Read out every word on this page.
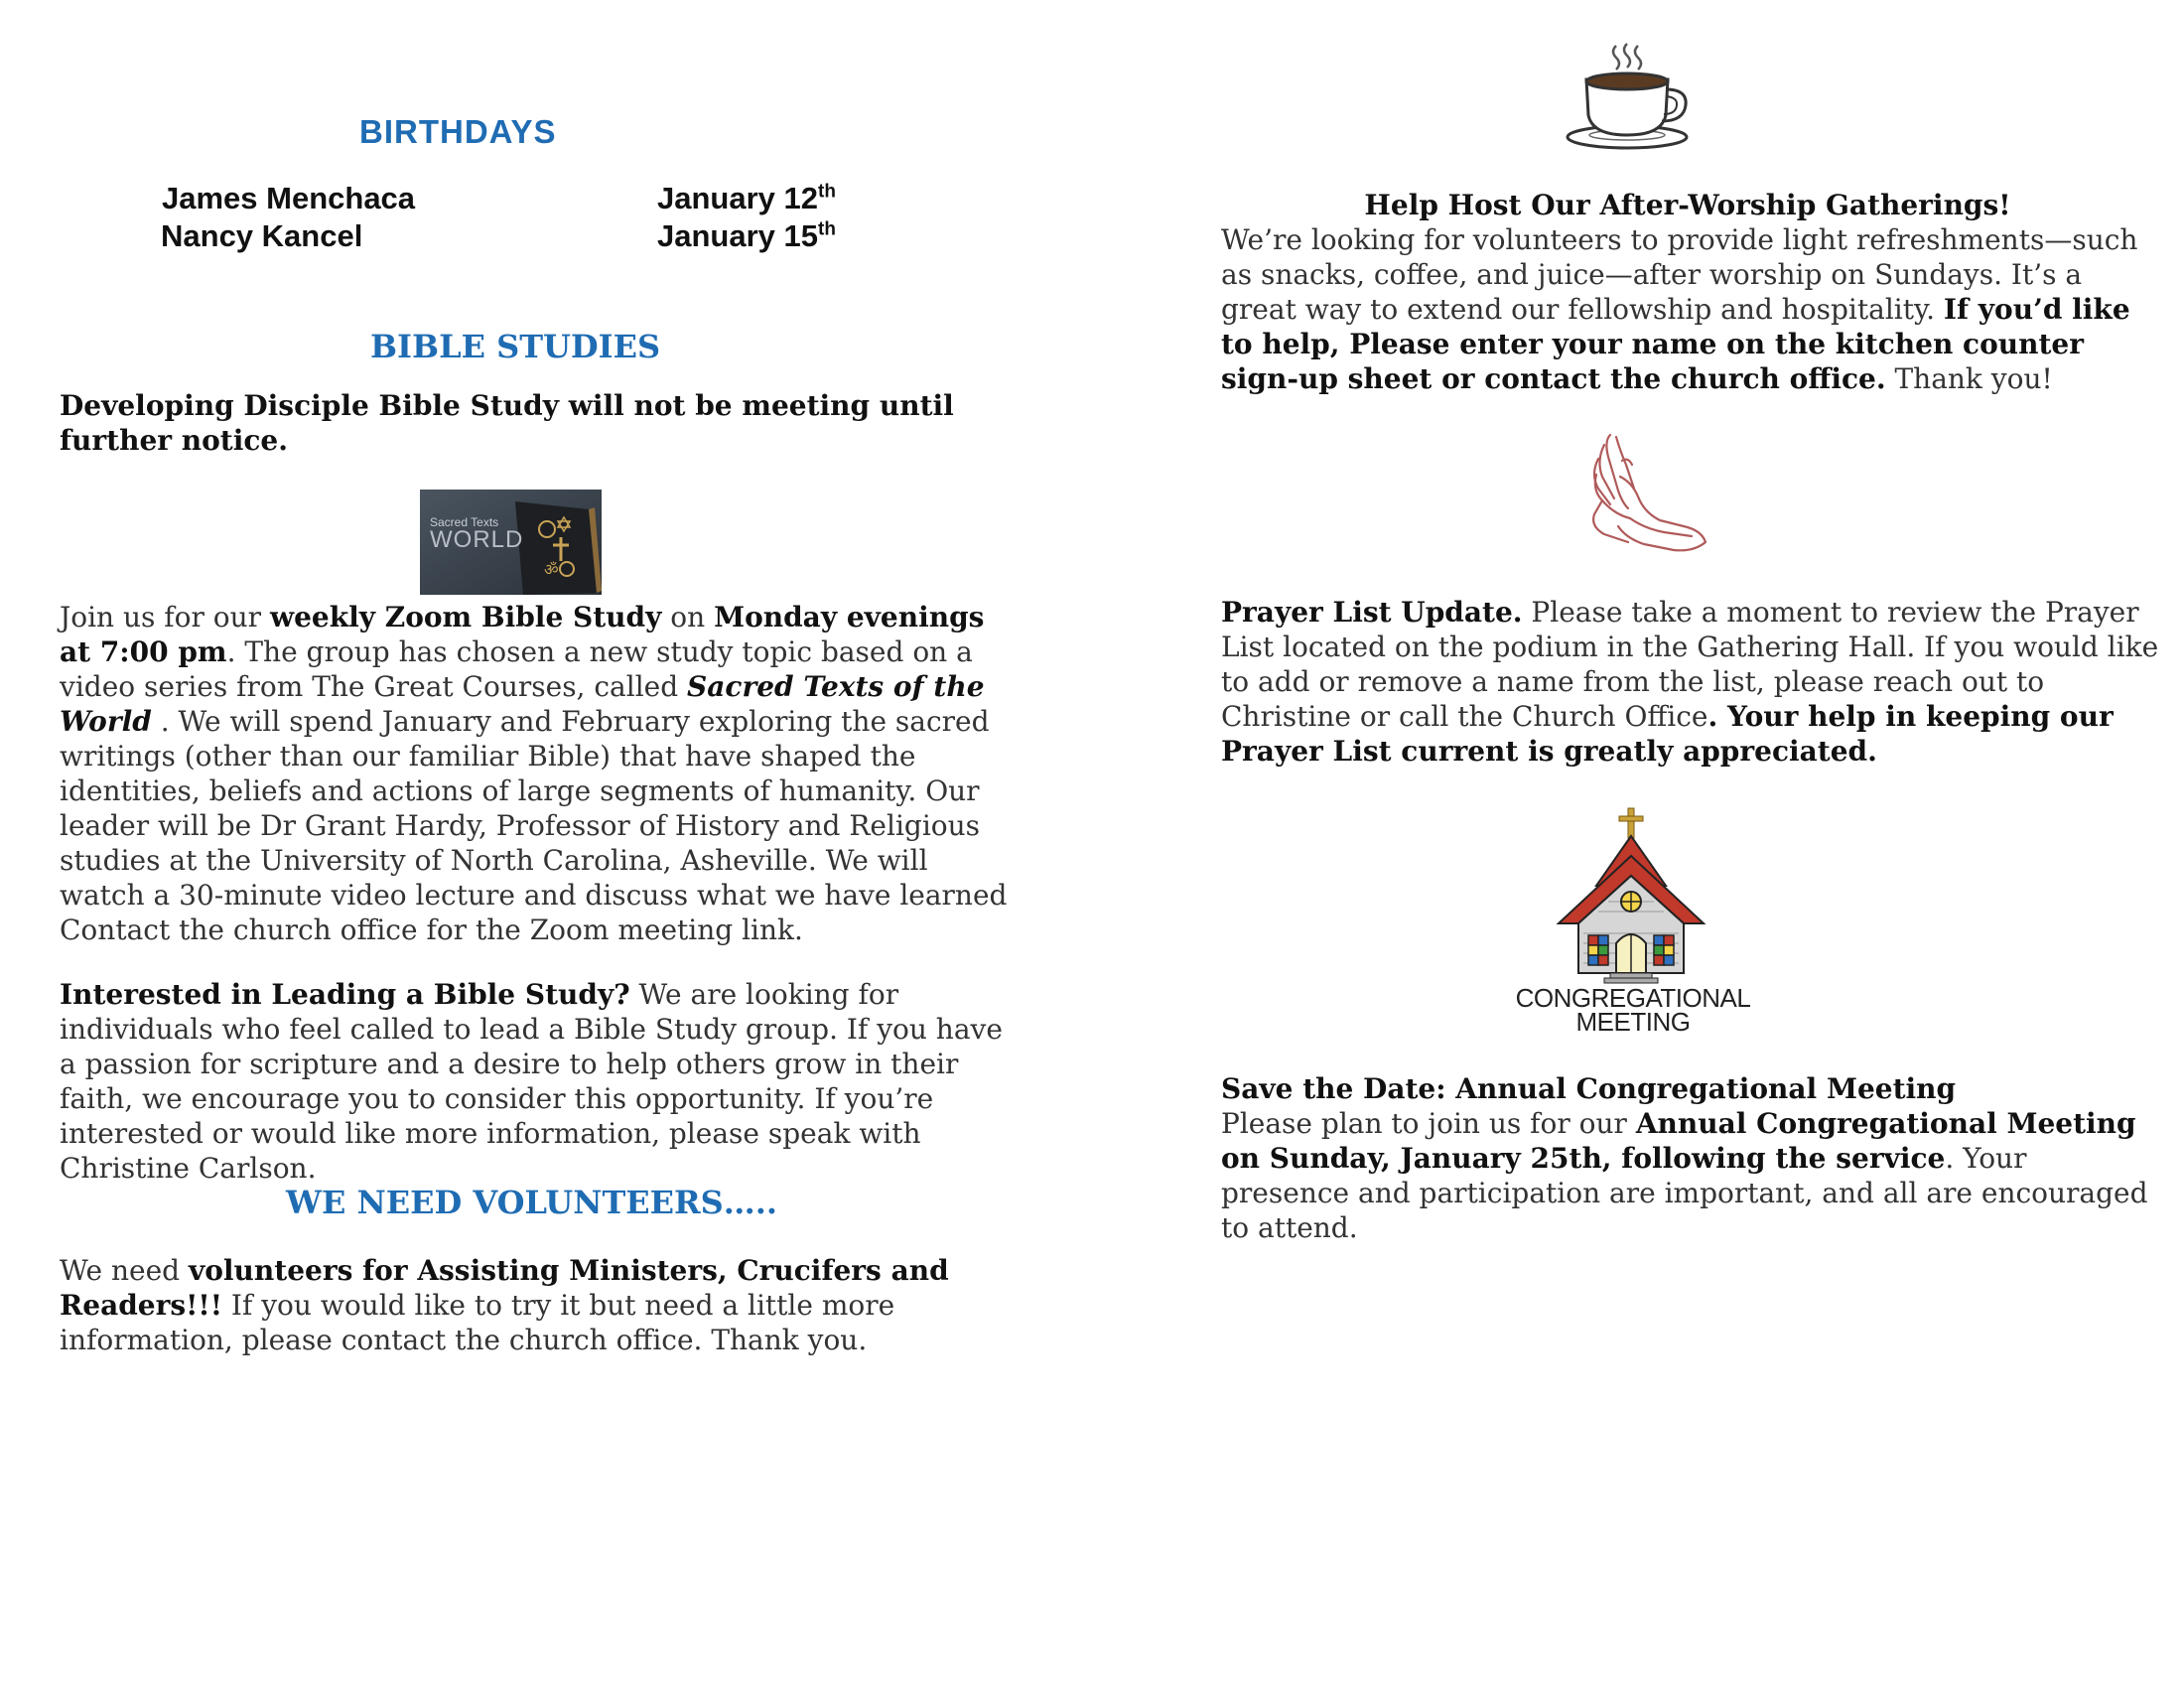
BIRTHDAYS
James Menchaca	January 12th
Nancy Kancel	January 15th
BIBLE STUDIES

Developing Disciple Bible Study will not be meeting until further notice.

ॐ
Sacred Texts
WORLD

Join us for our weekly Zoom Bible Study on Monday evenings at 7:00 pm. The group has chosen a new study topic based on a video series from The Great Courses, called Sacred Texts of the World . We will spend January and February exploring the sacred writings (other than our familiar Bible) that have shaped the identities, beliefs and actions of large segments of humanity. Our leader will be Dr Grant Hardy, Professor of History and Religious studies at the University of North Carolina, Asheville. We will watch a 30-minute video lecture and discuss what we have learned Contact the church office for the Zoom meeting link.

Interested in Leading a Bible Study? We are looking for individuals who feel called to lead a Bible Study group. If you have a passion for scripture and a desire to help others grow in their faith, we encourage you to consider this opportunity. If you’re interested or would like more information, please speak with Christine Carlson.

WE NEED VOLUNTEERS…..

We need volunteers for Assisting Ministers, Crucifers and Readers!!! If you would like to try it but need a little more information, please contact the church office. Thank you.

Help Host Our After-Worship Gatherings!

We’re looking for volunteers to provide light refreshments—such as snacks, coffee, and juice—after worship on Sundays. It’s a great way to extend our fellowship and hospitality. If you’d like to help, Please enter your name on the kitchen counter sign-up sheet or contact the church office. Thank you!

Prayer List Update. Please take a moment to review the Prayer List located on the podium in the Gathering Hall. If you would like to add or remove a name from the list, please reach out to Christine or call the Church Office. Your help in keeping our Prayer List current is greatly appreciated.

CONGREGATIONAL
MEETING

Save the Date: Annual Congregational Meeting

Please plan to join us for our Annual Congregational Meeting on Sunday, January 25th, following the service. Your presence and participation are important, and all are encouraged to attend.
